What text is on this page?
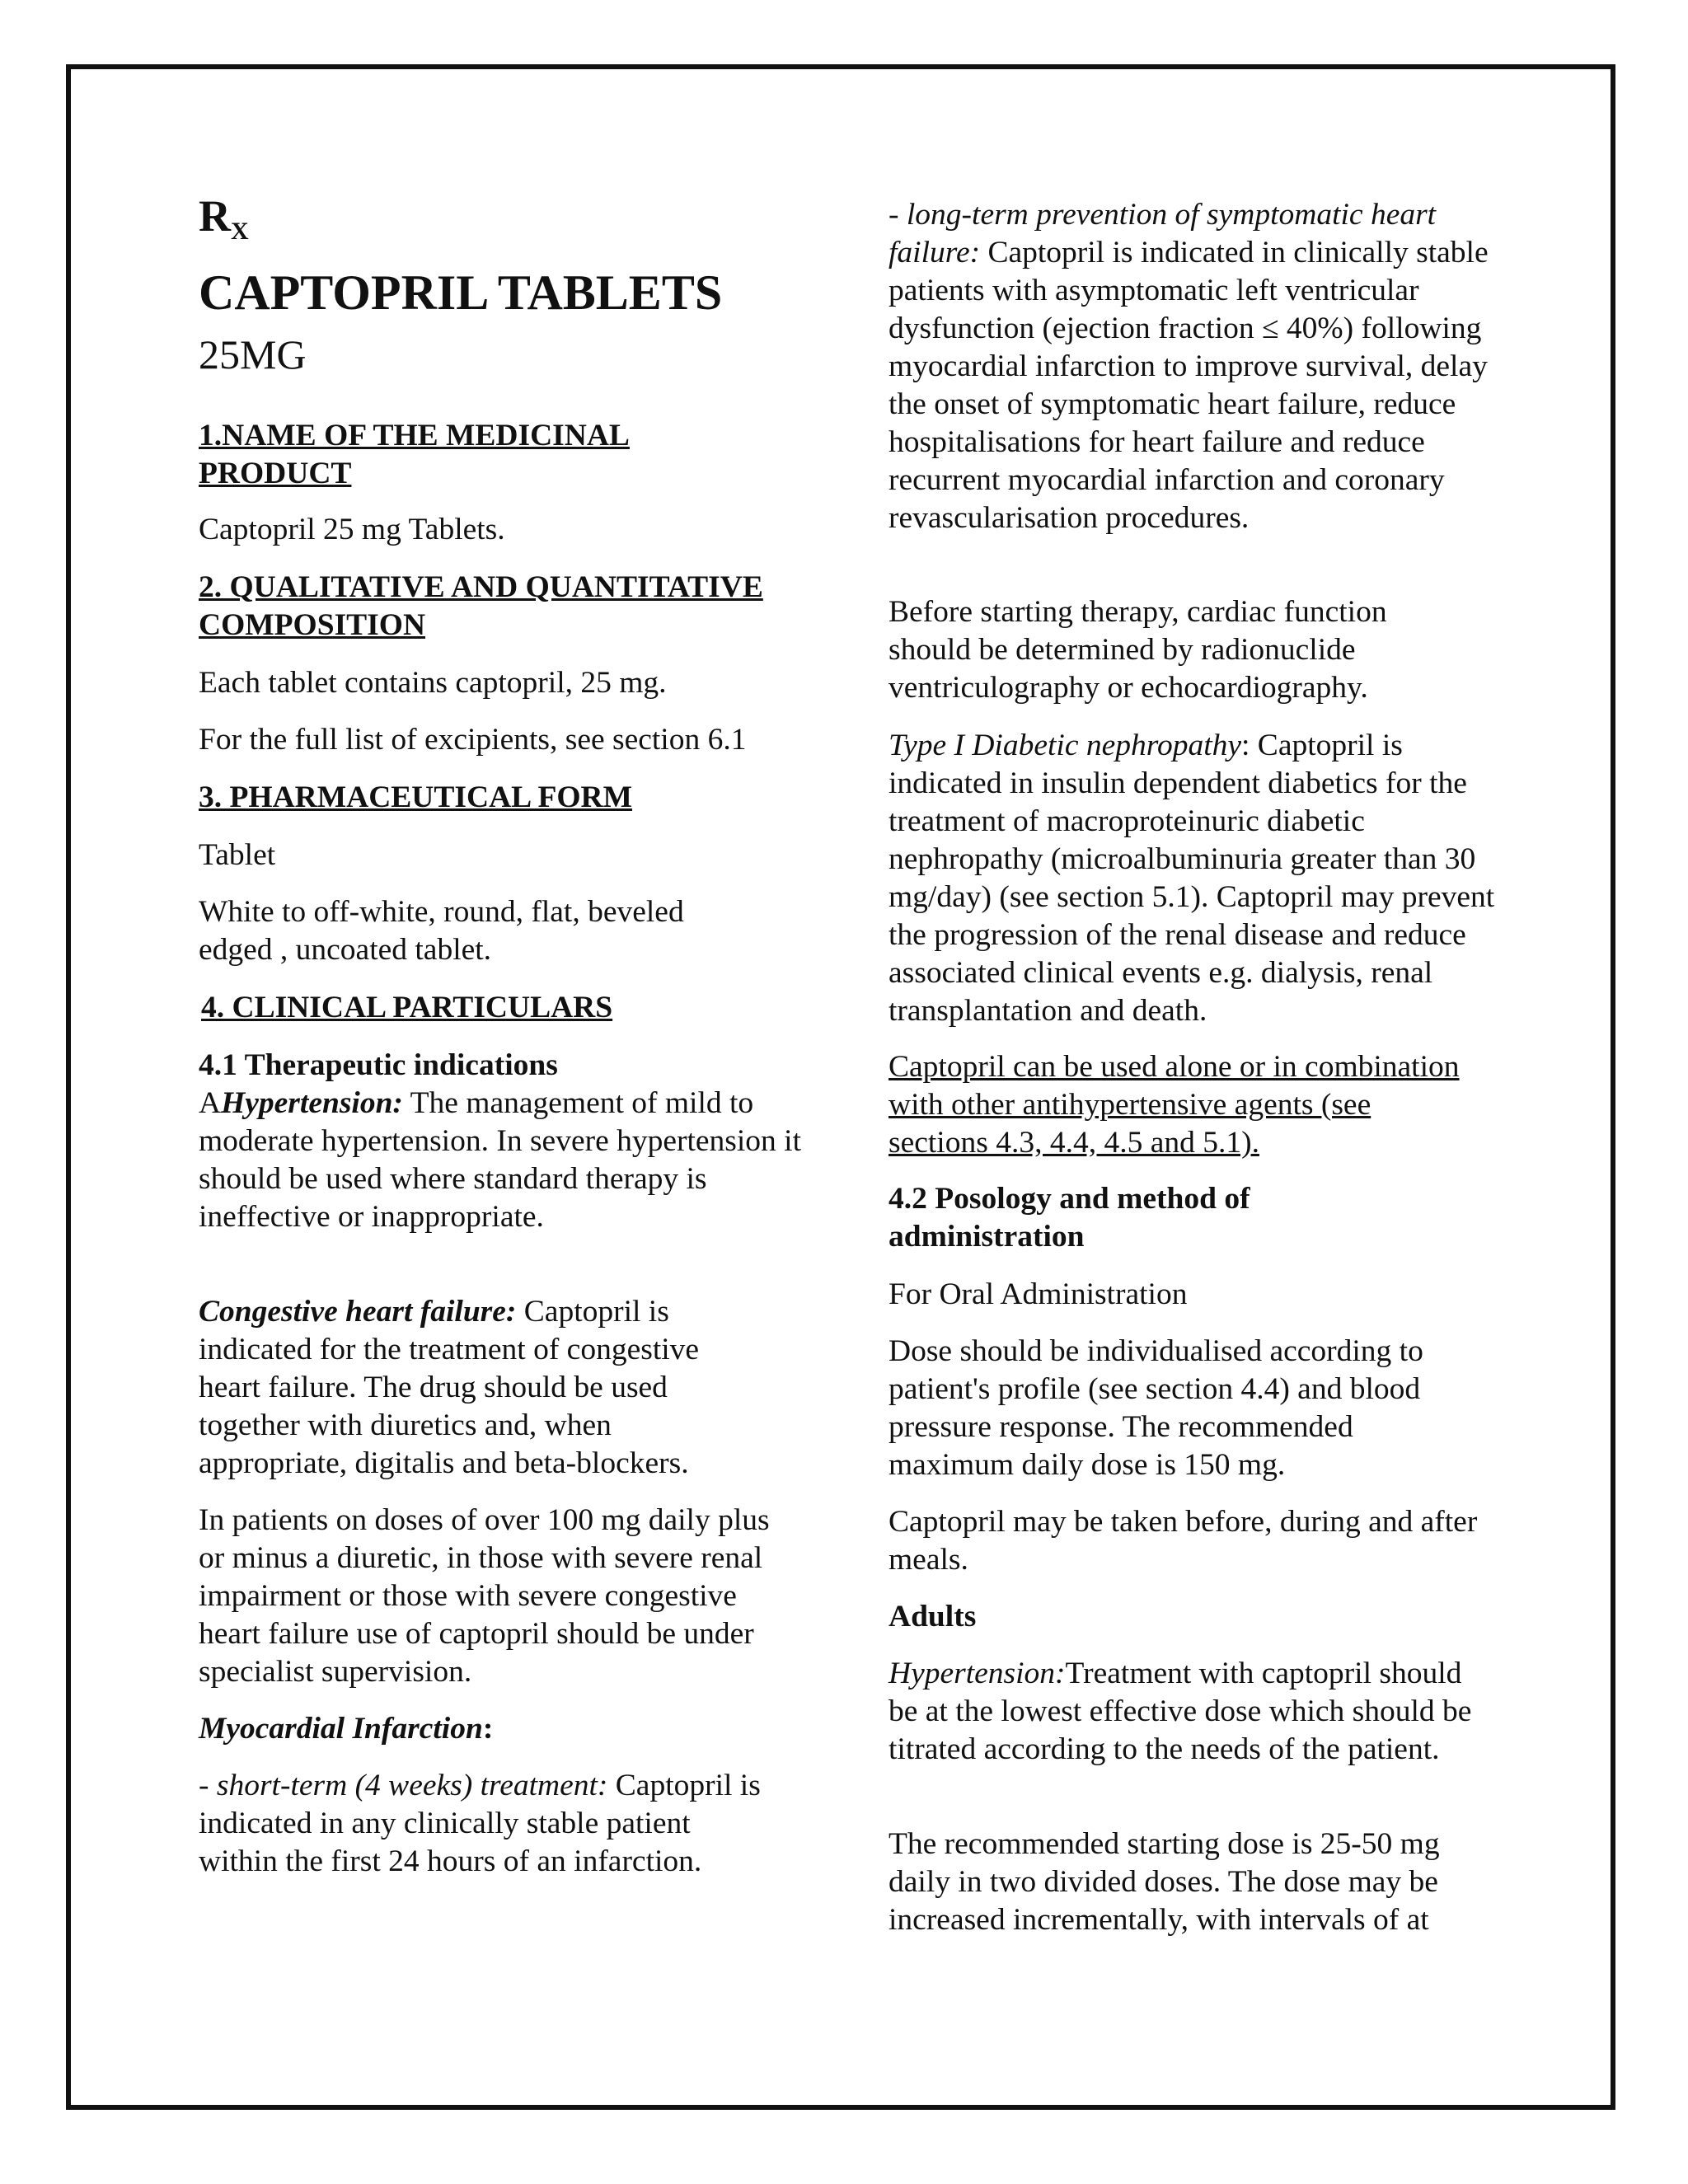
$R_X$
CAPTOPRIL TABLETS
25MG
1.NAME OF THE MEDICINAL PRODUCT

Captopril 25 mg Tablets.

2. QUALITATIVE AND QUANTITATIVE COMPOSITION

Each tablet contains captopril, 25 mg.

For the full list of excipients, see section 6.1

3. PHARMACEUTICAL FORM

Tablet

White to off-white, round, flat, beveled edged , uncoated tablet.

4. CLINICAL PARTICULARS
4.1 Therapeutic indications

AHypertension: The management of mild to moderate hypertension. In severe hypertension it should be used where standard therapy is ineffective or inappropriate.

Congestive heart failure: Captopril is indicated for the treatment of congestive heart failure. The drug should be used together with diuretics and, when appropriate, digitalis and beta-blockers.

In patients on doses of over 100 mg daily plus or minus a diuretic, in those with severe renal impairment or those with severe congestive heart failure use of captopril should be under specialist supervision.

Myocardial Infarction:

- short-term (4 weeks) treatment: Captopril is indicated in any clinically stable patient within the first 24 hours of an infarction.

- long-term prevention of symptomatic heart failure: Captopril is indicated in clinically stable patients with asymptomatic left ventricular dysfunction (ejection fraction ≤ 40%) following myocardial infarction to improve survival, delay the onset of symptomatic heart failure, reduce hospitalisations for heart failure and reduce recurrent myocardial infarction and coronary revascularisation procedures.

Before starting therapy, cardiac function should be determined by radionuclide ventriculography or echocardiography.

Type I Diabetic nephropathy: Captopril is indicated in insulin dependent diabetics for the treatment of macroproteinuric diabetic nephropathy (microalbuminuria greater than 30 mg/day) (see section 5.1). Captopril may prevent the progression of the renal disease and reduce associated clinical events e.g. dialysis, renal transplantation and death.

Captopril can be used alone or in combination with other antihypertensive agents (see sections 4.3, 4.4, 4.5 and 5.1).

4.2 Posology and method of administration

For Oral Administration

Dose should be individualised according to patient's profile (see section 4.4) and blood pressure response. The recommended maximum daily dose is 150 mg.

Captopril may be taken before, during and after meals.

Adults

Hypertension:Treatment with captopril should be at the lowest effective dose which should be titrated according to the needs of the patient.

The recommended starting dose is 25-50 mg daily in two divided doses. The dose may be increased incrementally, with intervals of at
